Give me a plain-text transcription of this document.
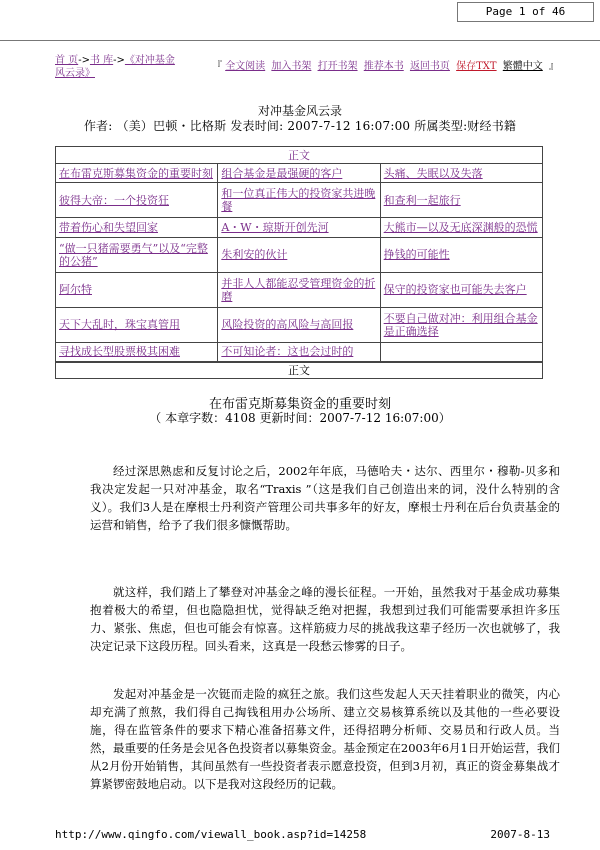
Page 1 of 46
首 页->书 库->《对冲基金风云录》
『 全文阅读 加入书架 打开书架 推荐本书 返回书页 保存TXT 繁體中文 』
对冲基金风云录
作者: （美）巴顿・比格斯 发表时间: 2007-7-12 16:07:00 所属类型:财经书籍
正文		
在布雷克斯募集资金的重要时刻	组合基金是最强硬的客户	头痛、失眠以及失落
彼得大帝：一个投资狂	和一位真正伟大的投资家共进晚餐	和查利一起旅行
带着伤心和失望回家	A・W・琼斯开创先河	大熊市—以及无底深渊般的恐慌
“做一只猪需要勇气”以及“完整的公猪”	朱利安的伙计	挣钱的可能性
阿尔特	并非人人都能忍受管理资金的折磨	保守的投资家也可能失去客户
天下大乱时，珠宝真管用	风险投资的高风险与高回报	不要自己做对冲：利用组合基金是正确选择
寻找成长型股票极其困难	不可知论者：这也会过时的	
正文
在布雷克斯募集资金的重要时刻
（ 本章字数：4108 更新时间：2007-7-12 16:07:00）

经过深思熟虑和反复讨论之后，2002年年底，马德哈夫・达尔、西里尔・穆勒-贝多和我决定发起一只对冲基金，取名“Traxis ”（这是我们自己创造出来的词，没什么特别的含义）。我们3人是在摩根士丹利资产管理公司共事多年的好友，摩根士丹利在后台负责基金的运营和销售，给予了我们很多慷慨帮助。

就这样，我们踏上了攀登对冲基金之峰的漫长征程。一开始，虽然我对于基金成功募集抱着极大的希望，但也隐隐担忧，觉得缺乏绝对把握，我想到过我们可能需要承担许多压力、紧张、焦虑，但也可能会有惊喜。这样筋疲力尽的挑战我这辈子经历一次也就够了，我决定记录下这段历程。回头看来，这真是一段愁云惨雾的日子。

发起对冲基金是一次铤而走险的疯狂之旅。我们这些发起人天天挂着职业的微笑，内心却充满了煎熬，我们得自己掏钱租用办公场所、建立交易核算系统以及其他的一些必要设施，得在监管条件的要求下精心准备招募文件，还得招聘分析师、交易员和行政人员。当然，最重要的任务是会见各色投资者以募集资金。基金预定在2003年6月1日开始运营，我们从2月份开始销售，其间虽然有一些投资者表示愿意投资，但到3月初，真正的资金募集战才算紧锣密鼓地启动。以下是我对这段经历的记载。

http://www.qingfo.com/viewall_book.asp?id=14258	2007-8-13
